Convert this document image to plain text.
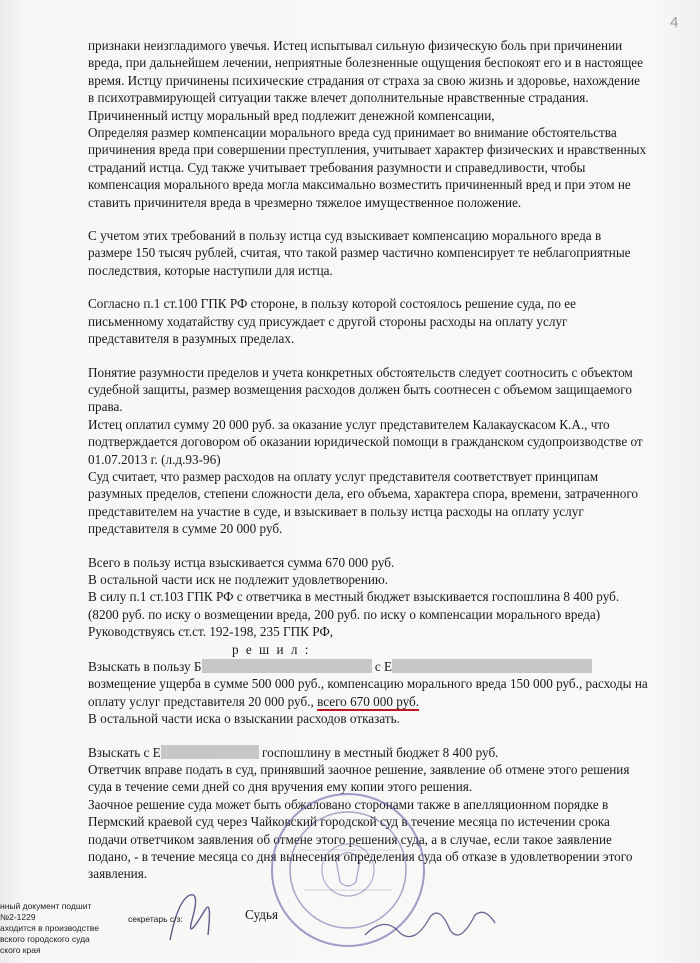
4

признаки неизгладимого увечья. Истец испытывал сильную физическую боль при причинении вреда, при дальнейшем лечении, неприятные болезненные ощущения беспокоят его и в настоящее время. Истцу причинены психические страдания от страха за свою жизнь и здоровье, нахождение в психотравмирующей ситуации также влечет дополнительные нравственные страдания.

Причиненный истцу моральный вред подлежит денежной компенсации,

Определяя размер компенсации морального вреда суд принимает во внимание обстоятельства причинения вреда при совершении преступления, учитывает характер физических и нравственных страданий истца. Суд также учитывает требования разумности и справедливости, чтобы компенсация морального вреда могла максимально возместить причиненный вред и при этом не ставить причинителя вреда в чрезмерно тяжелое имущественное положение.

С учетом этих требований в пользу истца суд взыскивает компенсацию морального вреда в размере 150 тысяч рублей, считая, что такой размер частично компенсирует те неблагоприятные последствия, которые наступили для истца.

Согласно п.1 ст.100 ГПК РФ стороне, в пользу которой состоялось решение суда, по ее письменному ходатайству суд присуждает с другой стороны расходы на оплату услуг представителя в разумных пределах.

Понятие разумности пределов и учета конкретных обстоятельств следует соотносить с объектом судебной защиты, размер возмещения расходов должен быть соотнесен с объемом защищаемого права.

Истец оплатил сумму 20 000 руб. за оказание услуг представителем Калакаускасом К.А., что подтверждается договором об оказании юридической помощи в гражданском судопроизводстве от 01.07.2013 г. (л.д.93-96)

Суд считает, что размер расходов на оплату услуг представителя соответствует принципам разумных пределов, степени сложности дела, его объема, характера спора, времени, затраченного представителем на участие в суде, и взыскивает в пользу истца расходы на оплату услуг представителя в сумме 20 000 руб.

Всего в пользу истца взыскивается сумма 670 000 руб.

В остальной части иск не подлежит удовлетворению.

В силу п.1 ст.103 ГПК РФ с ответчика в местный бюджет взыскивается госпошлина 8 400 руб. (8200 руб. по иску о возмещении вреда, 200 руб. по иску о компенсации морального вреда)

Руководствуясь ст.ст. 192-198, 235 ГПК РФ,

р е ш и л :

Взыскать в пользу Б	с Е возмещение ущерба в сумме 500 000 руб., компенсацию морального вреда 150 000 руб., расходы на оплату услуг представителя 20 000 руб., всего 670 000 руб.

В остальной части иска о взыскании расходов отказать.

Взыскать с Е	госпошлину в местный бюджет 8 400 руб.

Ответчик вправе подать в суд, принявший заочное решение, заявление об отмене этого решения суда в течение семи дней со дня вручения ему копии этого решения.

Заочное решение суда может быть обжаловано сторонами также в апелляционном порядке в Пермский краевой суд через Чайковский городской суд в течение месяца по истечении срока подачи ответчиком заявления об отмене этого решения суда, а в случае, если такое заявление подано, - в течение месяца со дня вынесения определения суда об отказе в удовлетворении этого заявления.

нный документ подшит
№2-1229
аходится в производстве
вского городского суда
ского края
секретарь с/з:	Судья
